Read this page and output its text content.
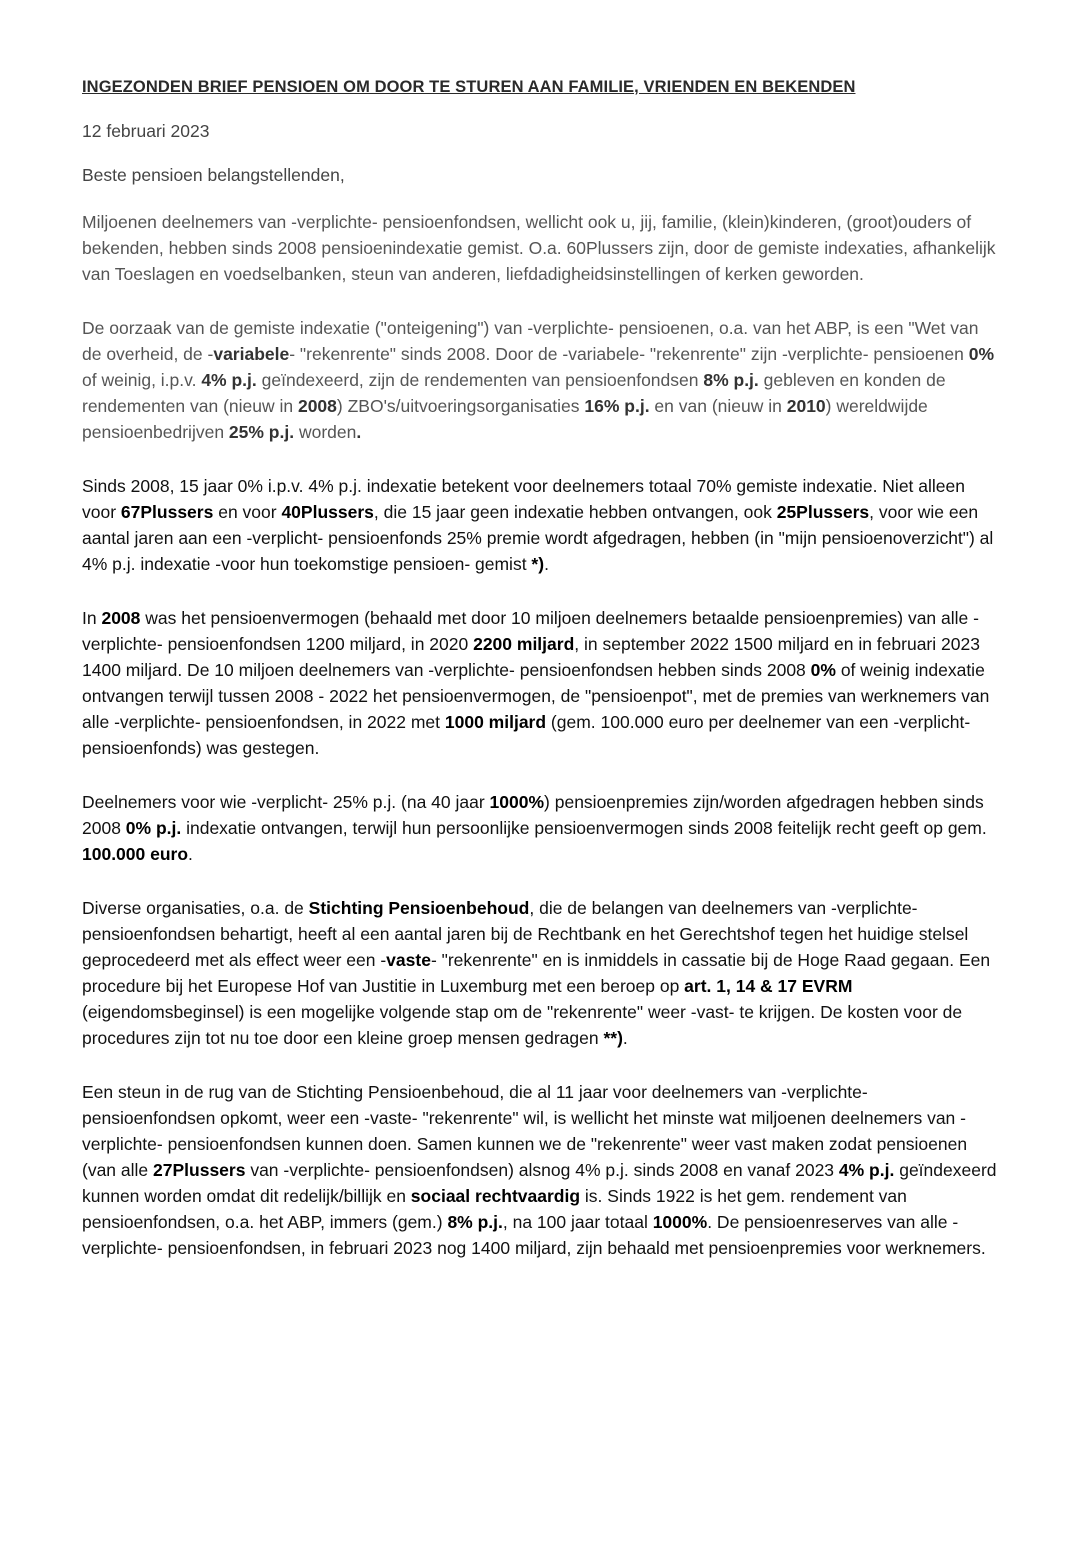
INGEZONDEN BRIEF PENSIOEN OM DOOR TE STUREN AAN FAMILIE, VRIENDEN EN BEKENDEN
12 februari 2023
Beste pensioen belangstellenden,

Miljoenen deelnemers van -verplichte- pensioenfondsen, wellicht ook u, jij, familie, (klein)kinderen, (groot)ouders of bekenden, hebben sinds 2008 pensioenindexatie gemist. O.a. 60Plussers zijn, door de gemiste indexaties, afhankelijk van Toeslagen en voedselbanken, steun van anderen, liefdadigheidsinstellingen of kerken geworden.

De oorzaak van de gemiste indexatie ("onteigening") van -verplichte- pensioenen, o.a. van het ABP, is een "Wet van de overheid, de -variabele- "rekenrente" sinds 2008. Door de -variabele- "rekenrente" zijn -verplichte- pensioenen 0% of weinig, i.p.v. 4% p.j. geïndexeerd, zijn de rendementen van pensioenfondsen 8% p.j. gebleven en konden de rendementen van (nieuw in 2008) ZBO's/uitvoeringsorganisaties 16% p.j. en van (nieuw in 2010) wereldwijde pensioenbedrijven 25% p.j. worden.

Sinds 2008, 15 jaar 0% i.p.v. 4% p.j. indexatie betekent voor deelnemers totaal 70% gemiste indexatie. Niet alleen voor 67Plussers en voor 40Plussers, die 15 jaar geen indexatie hebben ontvangen, ook 25Plussers, voor wie een aantal jaren aan een -verplicht- pensioenfonds 25% premie wordt afgedragen, hebben (in "mijn pensioenoverzicht") al 4% p.j. indexatie -voor hun toekomstige pensioen- gemist *).

In 2008 was het pensioenvermogen (behaald met door 10 miljoen deelnemers betaalde pensioenpremies) van alle -verplichte- pensioenfondsen 1200 miljard, in 2020 2200 miljard, in september 2022 1500 miljard en in februari 2023 1400 miljard. De 10 miljoen deelnemers van -verplichte- pensioenfondsen hebben sinds 2008 0% of weinig indexatie ontvangen terwijl tussen 2008 - 2022 het pensioenvermogen, de "pensioenpot", met de premies van werknemers van alle -verplichte- pensioenfondsen, in 2022 met 1000 miljard (gem. 100.000 euro per deelnemer van een -verplicht- pensioenfonds) was gestegen.

Deelnemers voor wie -verplicht- 25% p.j. (na 40 jaar 1000%) pensioenpremies zijn/worden afgedragen hebben sinds 2008 0% p.j. indexatie ontvangen, terwijl hun persoonlijke pensioenvermogen sinds 2008 feitelijk recht geeft op gem. 100.000 euro.

Diverse organisaties, o.a. de Stichting Pensioenbehoud, die de belangen van deelnemers van -verplichte- pensioenfondsen behartigt, heeft al een aantal jaren bij de Rechtbank en het Gerechtshof tegen het huidige stelsel geprocedeerd met als effect weer een -vaste- "rekenrente" en is inmiddels in cassatie bij de Hoge Raad gegaan. Een procedure bij het Europese Hof van Justitie in Luxemburg met een beroep op art. 1, 14 & 17 EVRM (eigendomsbeginsel) is een mogelijke volgende stap om de "rekenrente" weer -vast- te krijgen. De kosten voor de procedures zijn tot nu toe door een kleine groep mensen gedragen **).

Een steun in de rug van de Stichting Pensioenbehoud, die al 11 jaar voor deelnemers van -verplichte- pensioenfondsen opkomt, weer een -vaste- "rekenrente" wil, is wellicht het minste wat miljoenen deelnemers van -verplichte- pensioenfondsen kunnen doen. Samen kunnen we de "rekenrente" weer vast maken zodat pensioenen (van alle 27Plussers van -verplichte- pensioenfondsen) alsnog 4% p.j. sinds 2008 en vanaf 2023 4% p.j. geïndexeerd kunnen worden omdat dit redelijk/billijk en sociaal rechtvaardig is. Sinds 1922 is het gem. rendement van pensioenfondsen, o.a. het ABP, immers (gem.) 8% p.j., na 100 jaar totaal 1000%. De pensioenreserves van alle -verplichte- pensioenfondsen, in februari 2023 nog 1400 miljard, zijn behaald met pensioenpremies voor werknemers.
